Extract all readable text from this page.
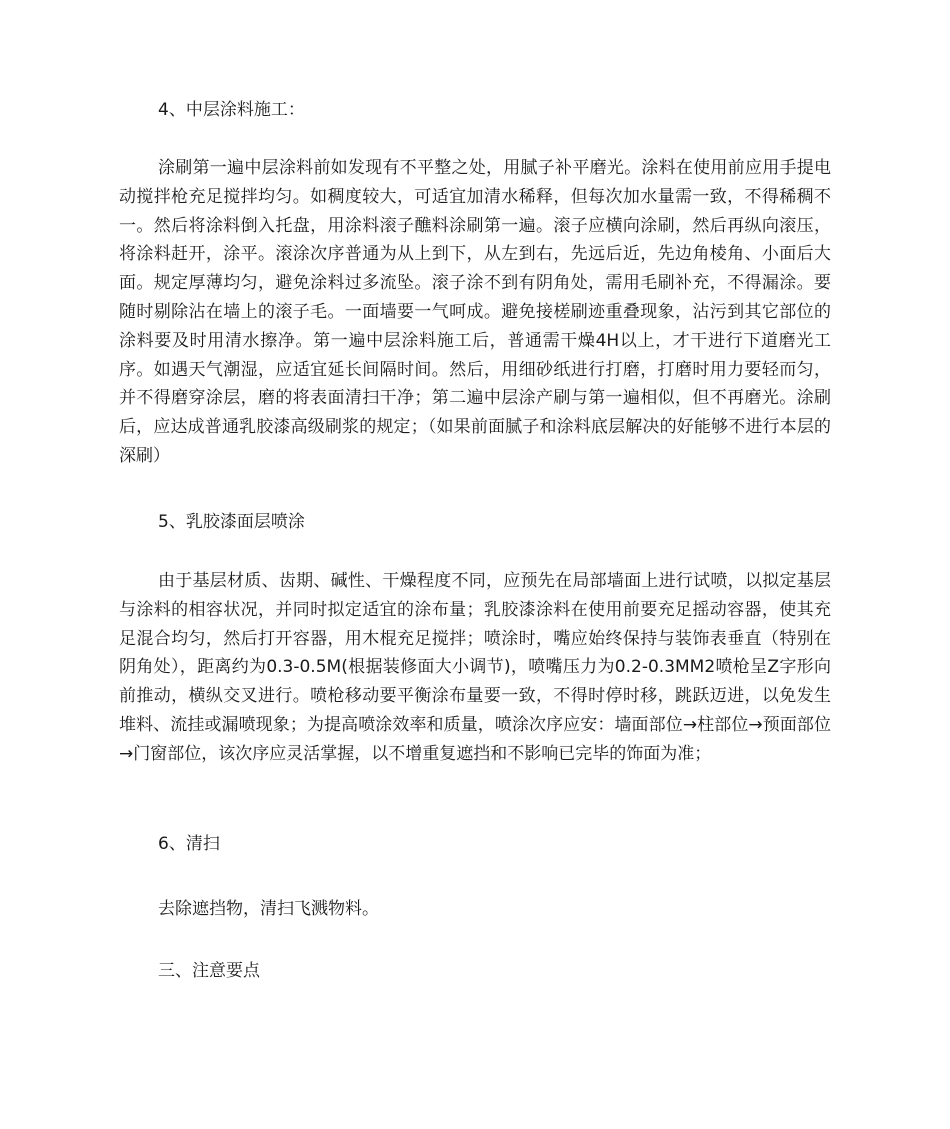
4、中层涂料施工：

涂刷第一遍中层涂料前如发现有不平整之处，用腻子补平磨光。涂料在使用前应用手提电动搅拌枪充足搅拌均匀。如稠度较大，可适宜加清水稀释，但每次加水量需一致，不得稀稠不一。然后将涂料倒入托盘，用涂料滚子醮料涂刷第一遍。滚子应横向涂刷，然后再纵向滚压，将涂料赶开，涂平。滚涂次序普通为从上到下，从左到右，先远后近，先边角棱角、小面后大面。规定厚薄均匀，避免涂料过多流坠。滚子涂不到有阴角处，需用毛刷补充，不得漏涂。要随时剔除沾在墙上的滚子毛。一面墙要一气呵成。避免接槎刷迹重叠现象，沾污到其它部位的涂料要及时用清水擦净。第一遍中层涂料施工后，普通需干燥4H以上，才干进行下道磨光工序。如遇天气潮湿，应适宜延长间隔时间。然后，用细砂纸进行打磨，打磨时用力要轻而匀，并不得磨穿涂层，磨的将表面清扫干净；第二遍中层涂产刷与第一遍相似，但不再磨光。涂刷后，应达成普通乳胶漆高级刷浆的规定；（如果前面腻子和涂料底层解决的好能够不进行本层的深刷）

5、乳胶漆面层喷涂

由于基层材质、齿期、碱性、干燥程度不同，应预先在局部墙面上进行试喷，以拟定基层与涂料的相容状况，并同时拟定适宜的涂布量；乳胶漆涂料在使用前要充足摇动容器，使其充足混合均匀，然后打开容器，用木棍充足搅拌；喷涂时，嘴应始终保持与装饰表垂直（特别在阴角处），距离约为0.3-0.5M(根据装修面大小调节)，喷嘴压力为0.2-0.3MM2喷枪呈Z字形向前推动，横纵交叉进行。喷枪移动要平衡涂布量要一致，不得时停时移，跳跃迈进，以免发生堆料、流挂或漏喷现象；为提高喷涂效率和质量，喷涂次序应安：墙面部位→柱部位→预面部位→门窗部位，该次序应灵活掌握，以不增重复遮挡和不影响已完毕的饰面为准；

6、清扫

去除遮挡物，清扫飞溅物料。

三、注意要点
